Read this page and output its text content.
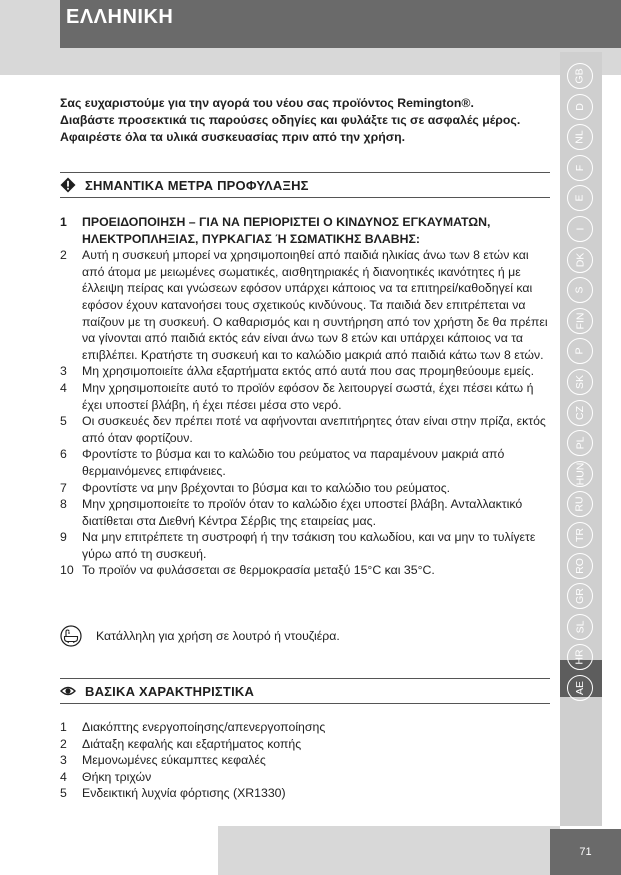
ΕΛΛΗΝΙΚΗ
GB
D
NL
F
E
I
DK
S
FIN
P
SK
CZ
PL
HUN
RU
TR
RO
GR
SL
HR
AE

Σας ευχαριστούμε για την αγορά του νέου σας προϊόντος Remington®.

Διαβάστε προσεκτικά τις παρούσες οδηγίες και φυλάξτε τις σε ασφαλές μέρος.

Αφαιρέστε όλα τα υλικά συσκευασίας πριν από την χρήση.

ΣΗΜΑΝΤΙΚΑ ΜΕΤΡΑ ΠΡΟΦΥΛΑΞΗΣ
1	ΠΡΟΕΙΔΟΠΟΙΗΣΗ – ΓΙΑ ΝΑ ΠΕΡΙΟΡΙΣΤΕΙ Ο ΚΙΝΔΥΝΟΣ ΕΓΚΑΥΜΑΤΩΝ, ΗΛΕΚΤΡΟΠΛΗΞΙΑΣ, ΠΥΡΚΑΓΙΑΣ Ή ΣΩΜΑΤΙΚΗΣ ΒΛΑΒΗΣ:
2	Αυτή η συσκευή μπορεί να χρησιμοποιηθεί από παιδιά ηλικίας άνω των 8 ετών και από άτομα με μειωμένες σωματικές, αισθητηριακές ή διανοητικές ικανότητες ή με έλλειψη πείρας και γνώσεων εφόσον υπάρχει κάποιος να τα επιτηρεί/καθοδηγεί και εφόσον έχουν κατανοήσει τους σχετικούς κινδύνους. Τα παιδιά δεν επιτρέπεται να παίζουν με τη συσκευή. Ο καθαρισμός και η συντήρηση από τον χρήστη δε θα πρέπει να γίνονται από παιδιά εκτός εάν είναι άνω των 8 ετών και υπάρχει κάποιος να τα επιβλέπει. Κρατήστε τη συσκευή και το καλώδιο μακριά από παιδιά κάτω των 8 ετών.
3	Μη χρησιμοποιείτε άλλα εξαρτήματα εκτός από αυτά που σας προμηθεύουμε εμείς.
4	Μην χρησιμοποιείτε αυτό το προϊόν εφόσον δε λειτουργεί σωστά, έχει πέσει κάτω ή έχει υποστεί βλάβη, ή έχει πέσει μέσα στο νερό.
5	Οι συσκευές δεν πρέπει ποτέ να αφήνονται ανεπιτήρητες όταν είναι στην πρίζα, εκτός από όταν φορτίζουν.
6	Φροντίστε το βύσμα και το καλώδιο του ρεύματος να παραμένουν μακριά από θερμαινόμενες επιφάνειες.
7	Φροντίστε να μην βρέχονται το βύσμα και το καλώδιο του ρεύματος.
8	Μην χρησιμοποιείτε το προϊόν όταν το καλώδιο έχει υποστεί βλάβη. Ανταλλακτικό διατίθεται στα Διεθνή Κέντρα Σέρβις της εταιρείας μας.
9	Να μην επιτρέπετε τη συστροφή ή την τσάκιση του καλωδίου, και να μην το τυλίγετε γύρω από τη συσκευή.
10 Το προϊόν να φυλάσσεται σε θερμοκρασία μεταξύ 15°C και 35°C.
Κατάλληλη για χρήση σε λουτρό ή ντουζιέρα.
ΒΑΣΙΚΑ ΧΑΡΑΚΤΗΡΙΣΤΙΚΑ
1	Διακόπτης ενεργοποίησης/απενεργοποίησης
2	Διάταξη κεφαλής και εξαρτήματος κοπής
3	Μεμονωμένες εύκαμπτες κεφαλές
4	Θήκη τριχών
5	Ενδεικτική λυχνία φόρτισης (XR1330)
71
